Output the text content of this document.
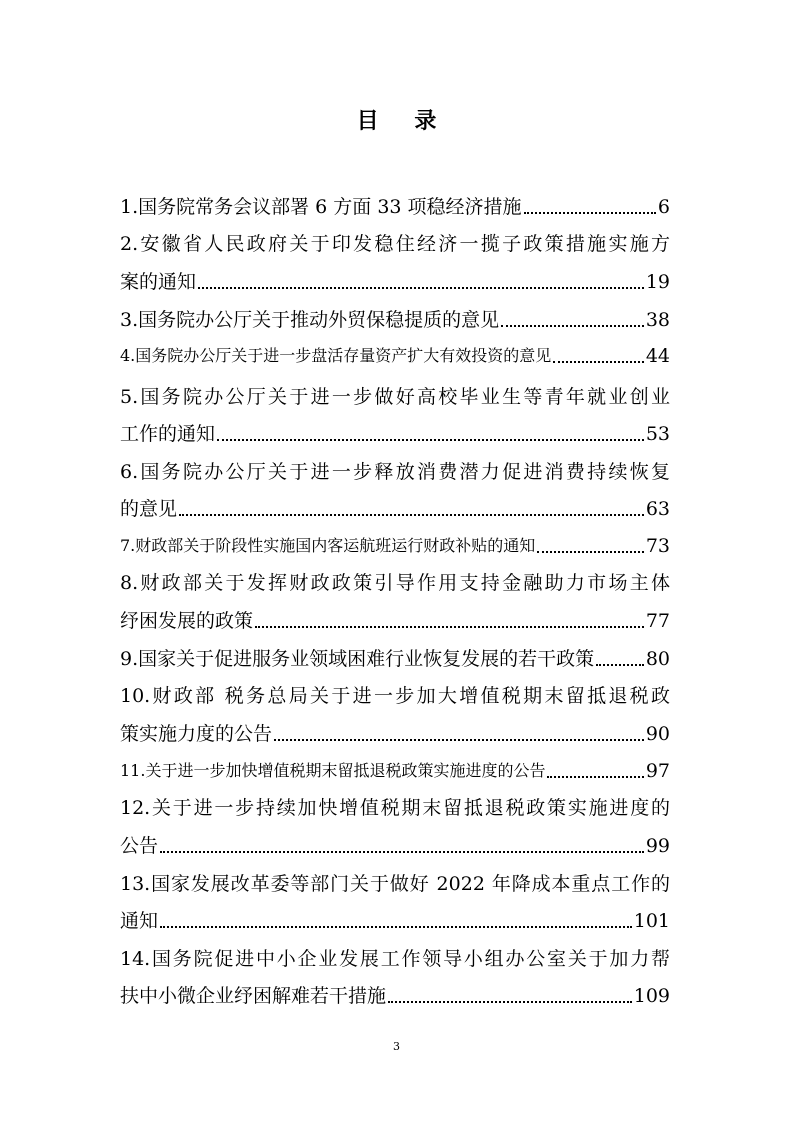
目 录
1.国务院常务会议部署 6 方面 33 项稳经济措施	6
2.安徽省人民政府关于印发稳住经济一揽子政策措施实施方
案的通知	19
3.国务院办公厅关于推动外贸保稳提质的意见	38
4.国务院办公厅关于进一步盘活存量资产扩大有效投资的意见	44
5.国务院办公厅关于进一步做好高校毕业生等青年就业创业
工作的通知	53
6.国务院办公厅关于进一步释放消费潜力促进消费持续恢复
的意见	63
7.财政部关于阶段性实施国内客运航班运行财政补贴的通知	73
8.财政部关于发挥财政政策引导作用支持金融助力市场主体
纾困发展的政策	77
9.国家关于促进服务业领域困难行业恢复发展的若干政策	80
10.财政部 税务总局关于进一步加大增值税期末留抵退税政
策实施力度的公告	90
11.关于进一步加快增值税期末留抵退税政策实施进度的公告	97
12.关于进一步持续加快增值税期末留抵退税政策实施进度的
公告	99
13.国家发展改革委等部门关于做好 2022 年降成本重点工作的
通知	101
14.国务院促进中小企业发展工作领导小组办公室关于加力帮
扶中小微企业纾困解难若干措施	109
3
